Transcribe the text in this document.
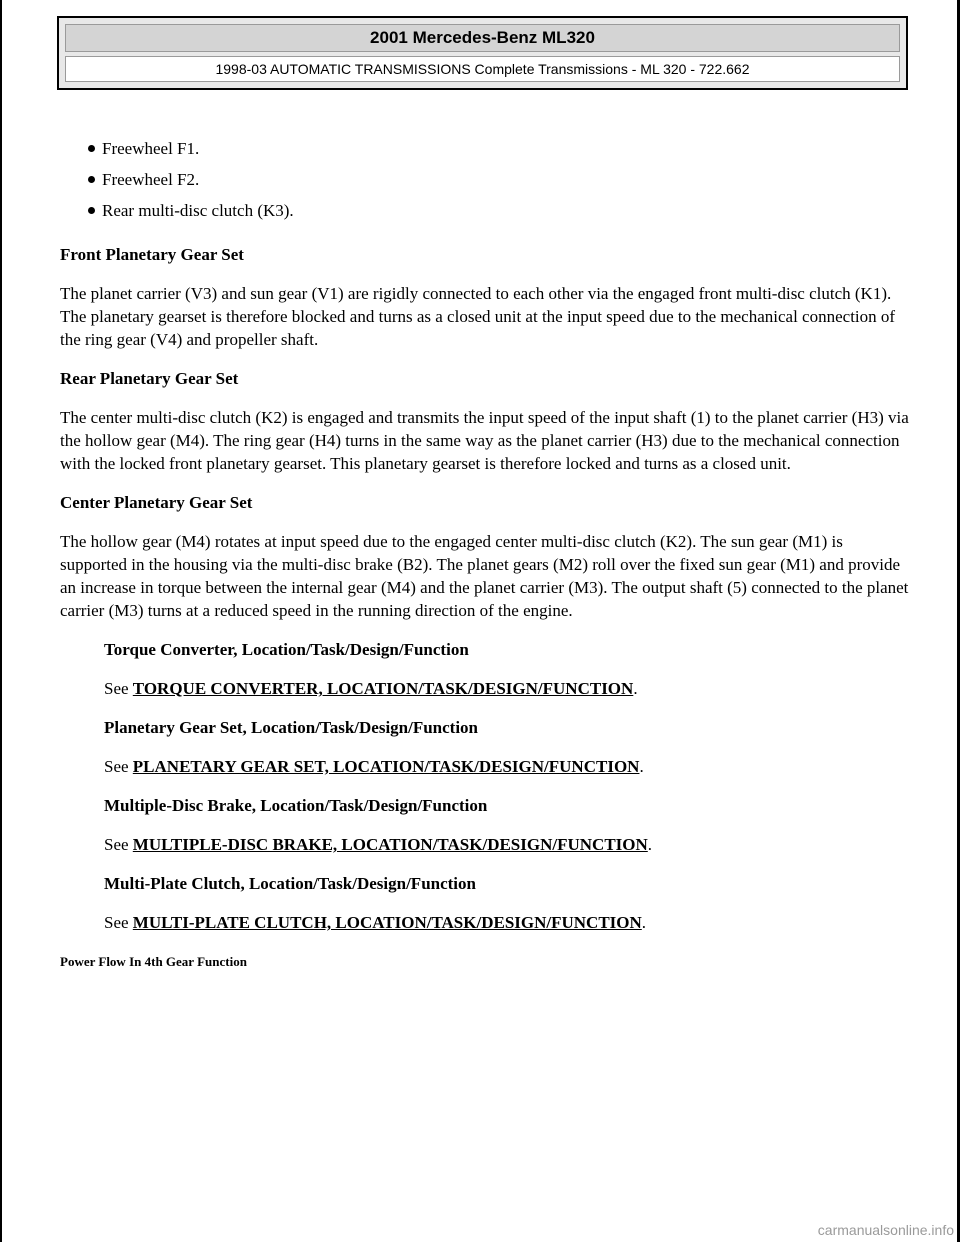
2001 Mercedes-Benz ML320
1998-03 AUTOMATIC TRANSMISSIONS Complete Transmissions - ML 320 - 722.662
Freewheel F1.
Freewheel F2.
Rear multi-disc clutch (K3).
Front Planetary Gear Set

The planet carrier (V3) and sun gear (V1) are rigidly connected to each other via the engaged front multi-disc clutch (K1). The planetary gearset is therefore blocked and turns as a closed unit at the input speed due to the mechanical connection of the ring gear (V4) and propeller shaft.

Rear Planetary Gear Set

The center multi-disc clutch (K2) is engaged and transmits the input speed of the input shaft (1) to the planet carrier (H3) via the hollow gear (M4). The ring gear (H4) turns in the same way as the planet carrier (H3) due to the mechanical connection with the locked front planetary gearset. This planetary gearset is therefore locked and turns as a closed unit.

Center Planetary Gear Set

The hollow gear (M4) rotates at input speed due to the engaged center multi-disc clutch (K2). The sun gear (M1) is supported in the housing via the multi-disc brake (B2). The planet gears (M2) roll over the fixed sun gear (M1) and provide an increase in torque between the internal gear (M4) and the planet carrier (M3). The output shaft (5) connected to the planet carrier (M3) turns at a reduced speed in the running direction of the engine.

Torque Converter, Location/Task/Design/Function

See TORQUE CONVERTER, LOCATION/TASK/DESIGN/FUNCTION.

Planetary Gear Set, Location/Task/Design/Function

See PLANETARY GEAR SET, LOCATION/TASK/DESIGN/FUNCTION.

Multiple-Disc Brake, Location/Task/Design/Function

See MULTIPLE-DISC BRAKE, LOCATION/TASK/DESIGN/FUNCTION.

Multi-Plate Clutch, Location/Task/Design/Function

See MULTI-PLATE CLUTCH, LOCATION/TASK/DESIGN/FUNCTION.

Power Flow In 4th Gear Function

carmanualsonline.info
